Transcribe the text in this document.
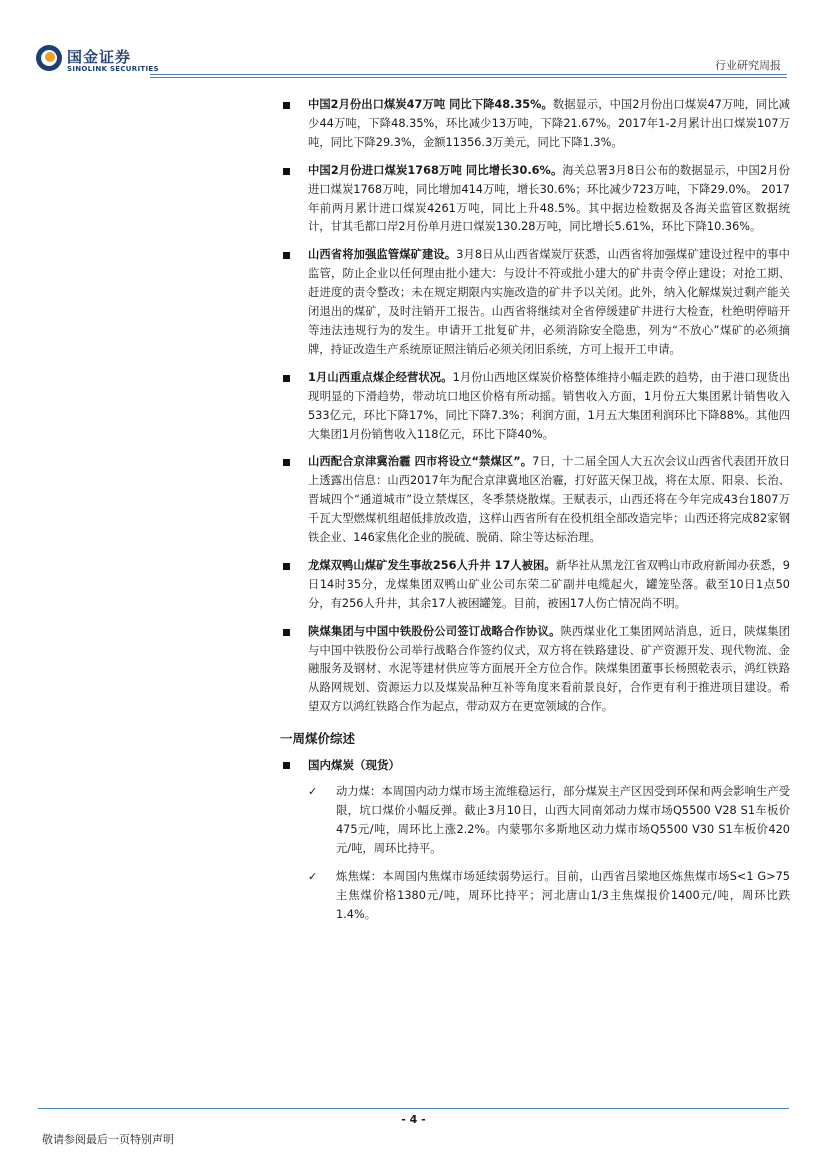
国金证券
SINOLINK SECURITIES	行业研究周报
中国2月份出口煤炭47万吨 同比下降48.35%。数据显示，中国2月份出口煤炭47万吨，同比减少44万吨，下降48.35%，环比减少13万吨，下降21.67%。2017年1-2月累计出口煤炭107万吨，同比下降29.3%，金额11356.3万美元，同比下降1.3%。
中国2月份进口煤炭1768万吨 同比增长30.6%。海关总署3月8日公布的数据显示，中国2月份进口煤炭1768万吨，同比增加414万吨，增长30.6%；环比减少723万吨，下降29.0%。 2017年前两月累计进口煤炭4261万吨，同比上升48.5%。其中据边检数据及各海关监管区数据统计，甘其毛都口岸2月份单月进口煤炭130.28万吨，同比增长5.61%，环比下降10.36%。
山西省将加强监管煤矿建设。3月8日从山西省煤炭厅获悉，山西省将加强煤矿建设过程中的事中监管，防止企业以任何理由批小建大：与设计不符或批小建大的矿井责令停止建设；对抢工期、赶进度的责令整改；未在规定期限内实施改造的矿井予以关闭。此外，纳入化解煤炭过剩产能关闭退出的煤矿，及时注销开工报告。山西省将继续对全省停缓建矿井进行大检查，杜绝明停暗开等违法违规行为的发生。申请开工批复矿井，必须消除安全隐患，列为“不放心”煤矿的必须摘牌，持证改造生产系统原证照注销后必须关闭旧系统，方可上报开工申请。
1月山西重点煤企经营状况。1月份山西地区煤炭价格整体维持小幅走跌的趋势，由于港口现货出现明显的下滑趋势，带动坑口地区价格有所动摇。销售收入方面，1月份五大集团累计销售收入533亿元，环比下降17%，同比下降7.3%；利润方面，1月五大集团利润环比下降88%。其他四大集团1月份销售收入118亿元，环比下降40%。
山西配合京津冀治霾 四市将设立“禁煤区”。7日，十二届全国人大五次会议山西省代表团开放日上透露出信息：山西2017年为配合京津冀地区治霾，打好蓝天保卫战，将在太原、阳泉、长治、晋城四个“通道城市”设立禁煤区，冬季禁烧散煤。王赋表示，山西还将在今年完成43台1807万千瓦大型燃煤机组超低排放改造，这样山西省所有在役机组全部改造完毕；山西还将完成82家钢铁企业、146家焦化企业的脱硫、脱硝、除尘等达标治理。
龙煤双鸭山煤矿发生事故256人升井 17人被困。新华社从黑龙江省双鸭山市政府新闻办获悉，9日14时35分，龙煤集团双鸭山矿业公司东荣二矿副井电缆起火，罐笼坠落。截至10日1点50分，有256人升井，其余17人被困罐笼。目前，被困17人伤亡情况尚不明。
陕煤集团与中国中铁股份公司签订战略合作协议。陕西煤业化工集团网站消息，近日，陕煤集团与中国中铁股份公司举行战略合作签约仪式，双方将在铁路建设、矿产资源开发、现代物流、金融服务及钢材、水泥等建材供应等方面展开全方位合作。陕煤集团董事长杨照乾表示，鸿红铁路从路网规划、资源运力以及煤炭品种互补等角度来看前景良好，合作更有利于推进项目建设。希望双方以鸿红铁路合作为起点，带动双方在更宽领域的合作。
一周煤价综述
国内煤炭（现货）
✓ 动力煤：本周国内动力煤市场主流维稳运行，部分煤炭主产区因受到环保和两会影响生产受限，坑口煤价小幅反弹。截止3月10日，山西大同南郊动力煤市场Q5500 V28 S1车板价475元/吨，周环比上涨2.2%。内蒙鄂尔多斯地区动力煤市场Q5500 V30 S1车板价420元/吨，周环比持平。
✓ 炼焦煤：本周国内焦煤市场延续弱势运行。目前，山西省吕梁地区炼焦煤市场S<1 G>75主焦煤价格1380元/吨，周环比持平；河北唐山1/3主焦煤报价1400元/吨，周环比跌1.4%。
- 4 -
敬请参阅最后一页特别声明
